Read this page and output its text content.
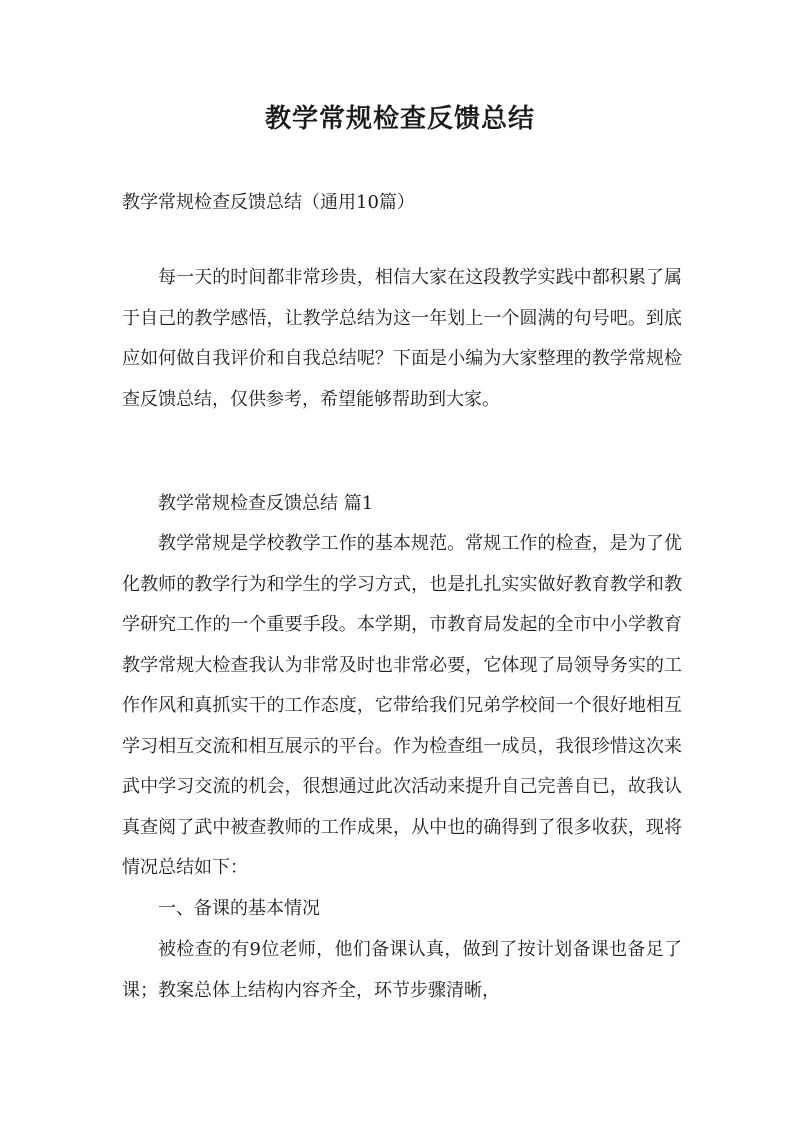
教学常规检查反馈总结

教学常规检查反馈总结（通用10篇）

每一天的时间都非常珍贵，相信大家在这段教学实践中都积累了属于自己的教学感悟，让教学总结为这一年划上一个圆满的句号吧。到底应如何做自我评价和自我总结呢？下面是小编为大家整理的教学常规检查反馈总结，仅供参考，希望能够帮助到大家。

教学常规检查反馈总结 篇1

教学常规是学校教学工作的基本规范。常规工作的检查，是为了优化教师的教学行为和学生的学习方式，也是扎扎实实做好教育教学和教学研究工作的一个重要手段。本学期，市教育局发起的全市中小学教育教学常规大检查我认为非常及时也非常必要，它体现了局领导务实的工作作风和真抓实干的工作态度，它带给我们兄弟学校间一个很好地相互学习相互交流和相互展示的平台。作为检查组一成员，我很珍惜这次来武中学习交流的机会，很想通过此次活动来提升自己完善自已，故我认真查阅了武中被查教师的工作成果，从中也的确得到了很多收获，现将情况总结如下：

一、备课的基本情况

被检查的有9位老师，他们备课认真，做到了按计划备课也备足了课；教案总体上结构内容齐全，环节步骤清晰，
